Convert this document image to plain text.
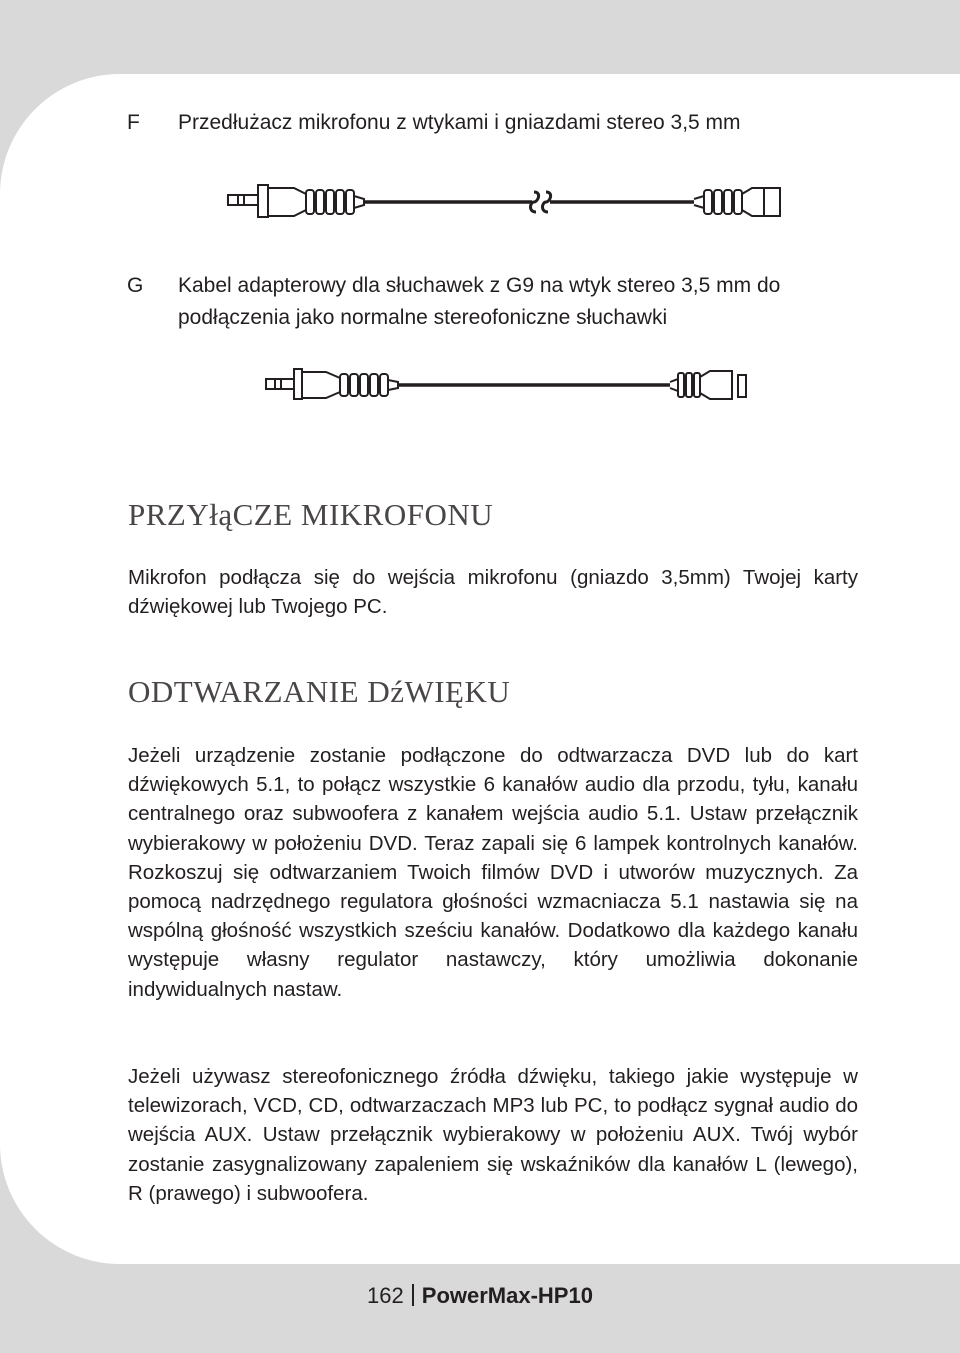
F	Przedłużacz mikrofonu z wtykami i gniazdami stereo 3,5 mm
G	Kabel adapterowy dla słuchawek z G9 na wtyk stereo 3,5 mm do
podłączenia jako normalne stereofoniczne słuchawki
PRZYłąCZE MIKROFONU
Mikrofon podłącza się do wejścia mikrofonu (gniazdo 3,5mm) Twojej karty dźwiękowej lub Twojego PC.
ODTWARZANIE DźWIĘKU
Jeżeli urządzenie zostanie podłączone do odtwarzacza DVD lub do kart dźwiękowych 5.1, to połącz wszystkie 6 kanałów audio dla przodu, tyłu, kanału centralnego oraz subwoofera z kanałem wejścia audio 5.1. Ustaw przełącznik wybierakowy w położeniu DVD. Teraz zapali się 6 lampek kontrolnych kanałów. Rozkoszuj się odtwarzaniem Twoich filmów DVD i utworów muzycznych. Za pomocą nadrzędnego regulatora głośności wzmacniacza 5.1 nastawia się na wspólną głośność wszystkich sześciu kanałów. Dodatkowo dla każdego kanału występuje własny regulator nastawczy, który umożliwia dokonanie indywidualnych nastaw.
Jeżeli używasz stereofonicznego źródła dźwięku, takiego jakie występuje w telewizorach, VCD, CD, odtwarzaczach MP3 lub PC, to podłącz sygnał audio do wejścia AUX. Ustaw przełącznik wybierakowy w położeniu AUX. Twój wybór zostanie zasygnalizowany zapaleniem się wskaźników dla kanałów L (lewego), R (prawego) i subwoofera.
162 PowerMax-HP10
